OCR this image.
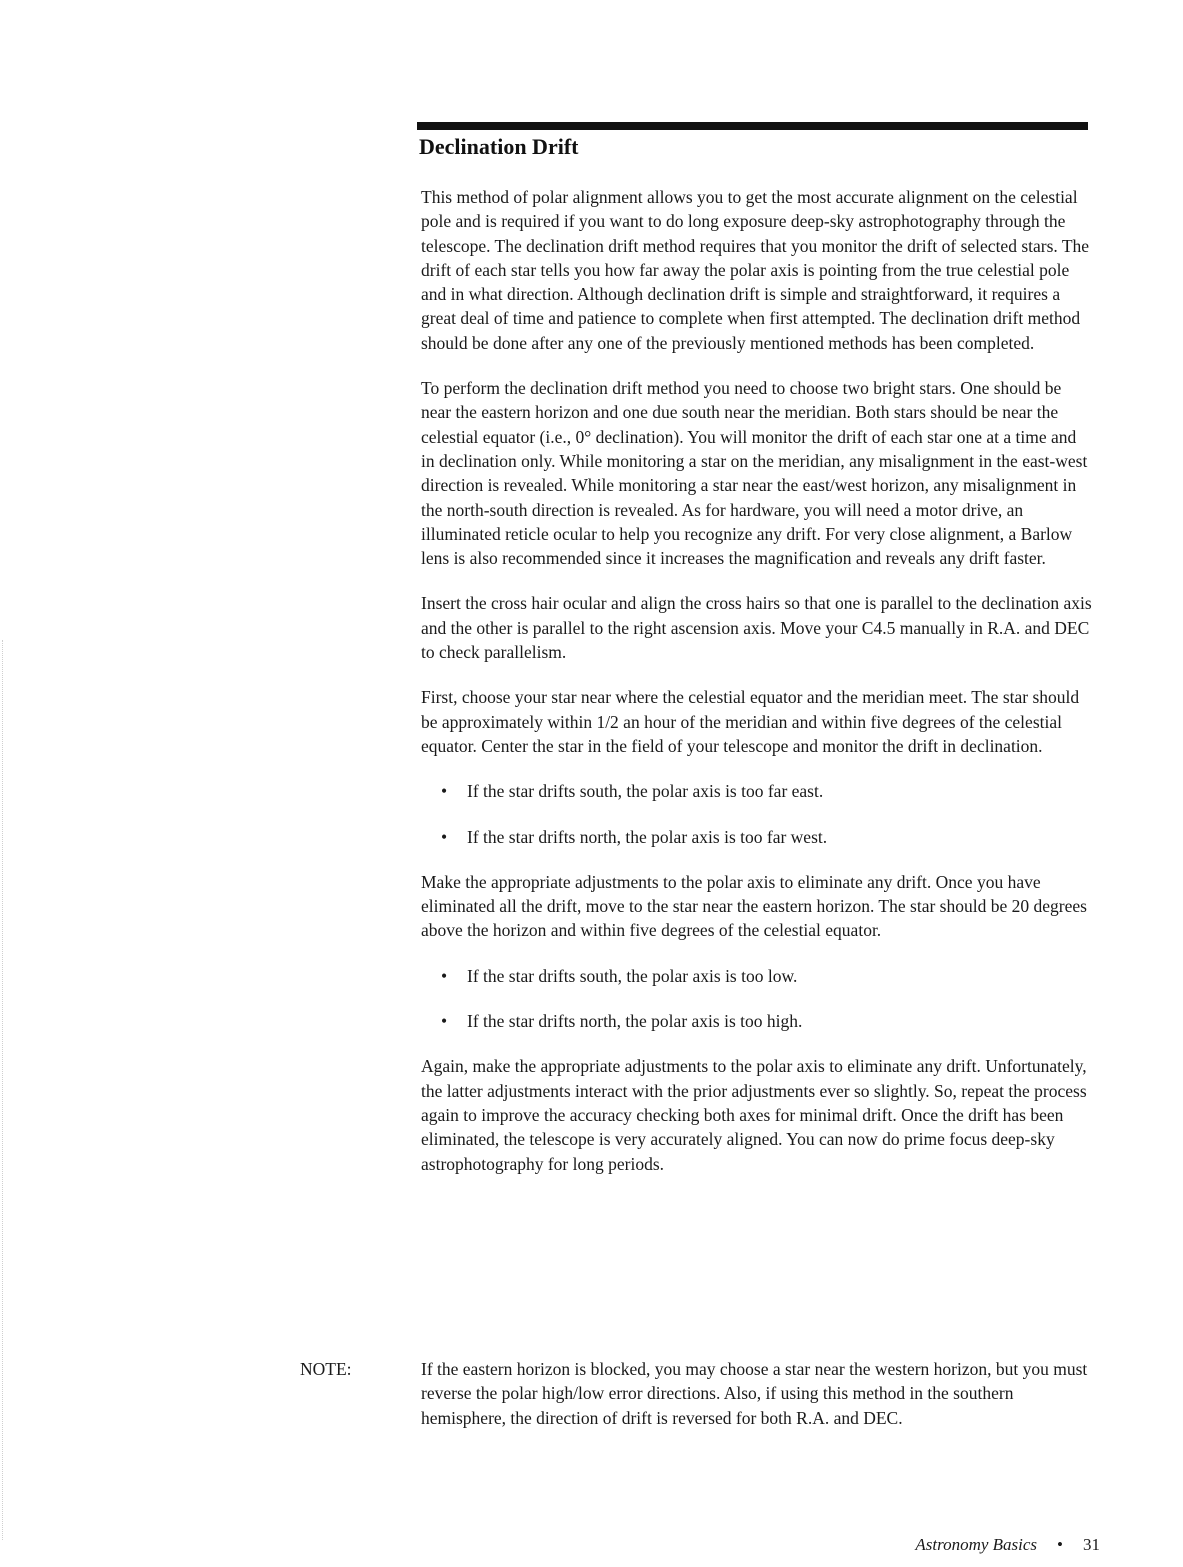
Declination Drift

This method of polar alignment allows you to get the most accurate alignment on the celestial pole and is required if you want to do long exposure deep-sky astrophotography through the telescope. The declination drift method requires that you monitor the drift of selected stars. The drift of each star tells you how far away the polar axis is pointing from the true celestial pole and in what direction. Although declination drift is simple and straightforward, it requires a great deal of time and patience to complete when first attempted. The declination drift method should be done after any one of the previously mentioned methods has been completed.

To perform the declination drift method you need to choose two bright stars. One should be near the eastern horizon and one due south near the meridian. Both stars should be near the celestial equator (i.e., 0° declination). You will monitor the drift of each star one at a time and in declination only. While monitoring a star on the meridian, any misalignment in the east-west direction is revealed. While monitoring a star near the east/west horizon, any misalignment in the north-south direction is revealed. As for hardware, you will need a motor drive, an illuminated reticle ocular to help you recognize any drift. For very close alignment, a Barlow lens is also recommended since it increases the magnification and reveals any drift faster.

Insert the cross hair ocular and align the cross hairs so that one is parallel to the declination axis and the other is parallel to the right ascension axis. Move your C4.5 manually in R.A. and DEC to check parallelism.

First, choose your star near where the celestial equator and the meridian meet. The star should be approximately within 1/2 an hour of the meridian and within five degrees of the celestial equator. Center the star in the field of your telescope and monitor the drift in declination.

• If the star drifts south, the polar axis is too far east.
• If the star drifts north, the polar axis is too far west.

Make the appropriate adjustments to the polar axis to eliminate any drift. Once you have eliminated all the drift, move to the star near the eastern horizon. The star should be 20 degrees above the horizon and within five degrees of the celestial equator.

• If the star drifts south, the polar axis is too low.
• If the star drifts north, the polar axis is too high.

Again, make the appropriate adjustments to the polar axis to eliminate any drift. Unfortunately, the latter adjustments interact with the prior adjustments ever so slightly. So, repeat the process again to improve the accuracy checking both axes for minimal drift. Once the drift has been eliminated, the telescope is very accurately aligned. You can now do prime focus deep-sky astrophotography for long periods.

NOTE:	If the eastern horizon is blocked, you may choose a star near the western horizon, but you must reverse the polar high/low error directions. Also, if using this method in the southern hemisphere, the direction of drift is reversed for both R.A. and DEC.

Astronomy Basics • 31
